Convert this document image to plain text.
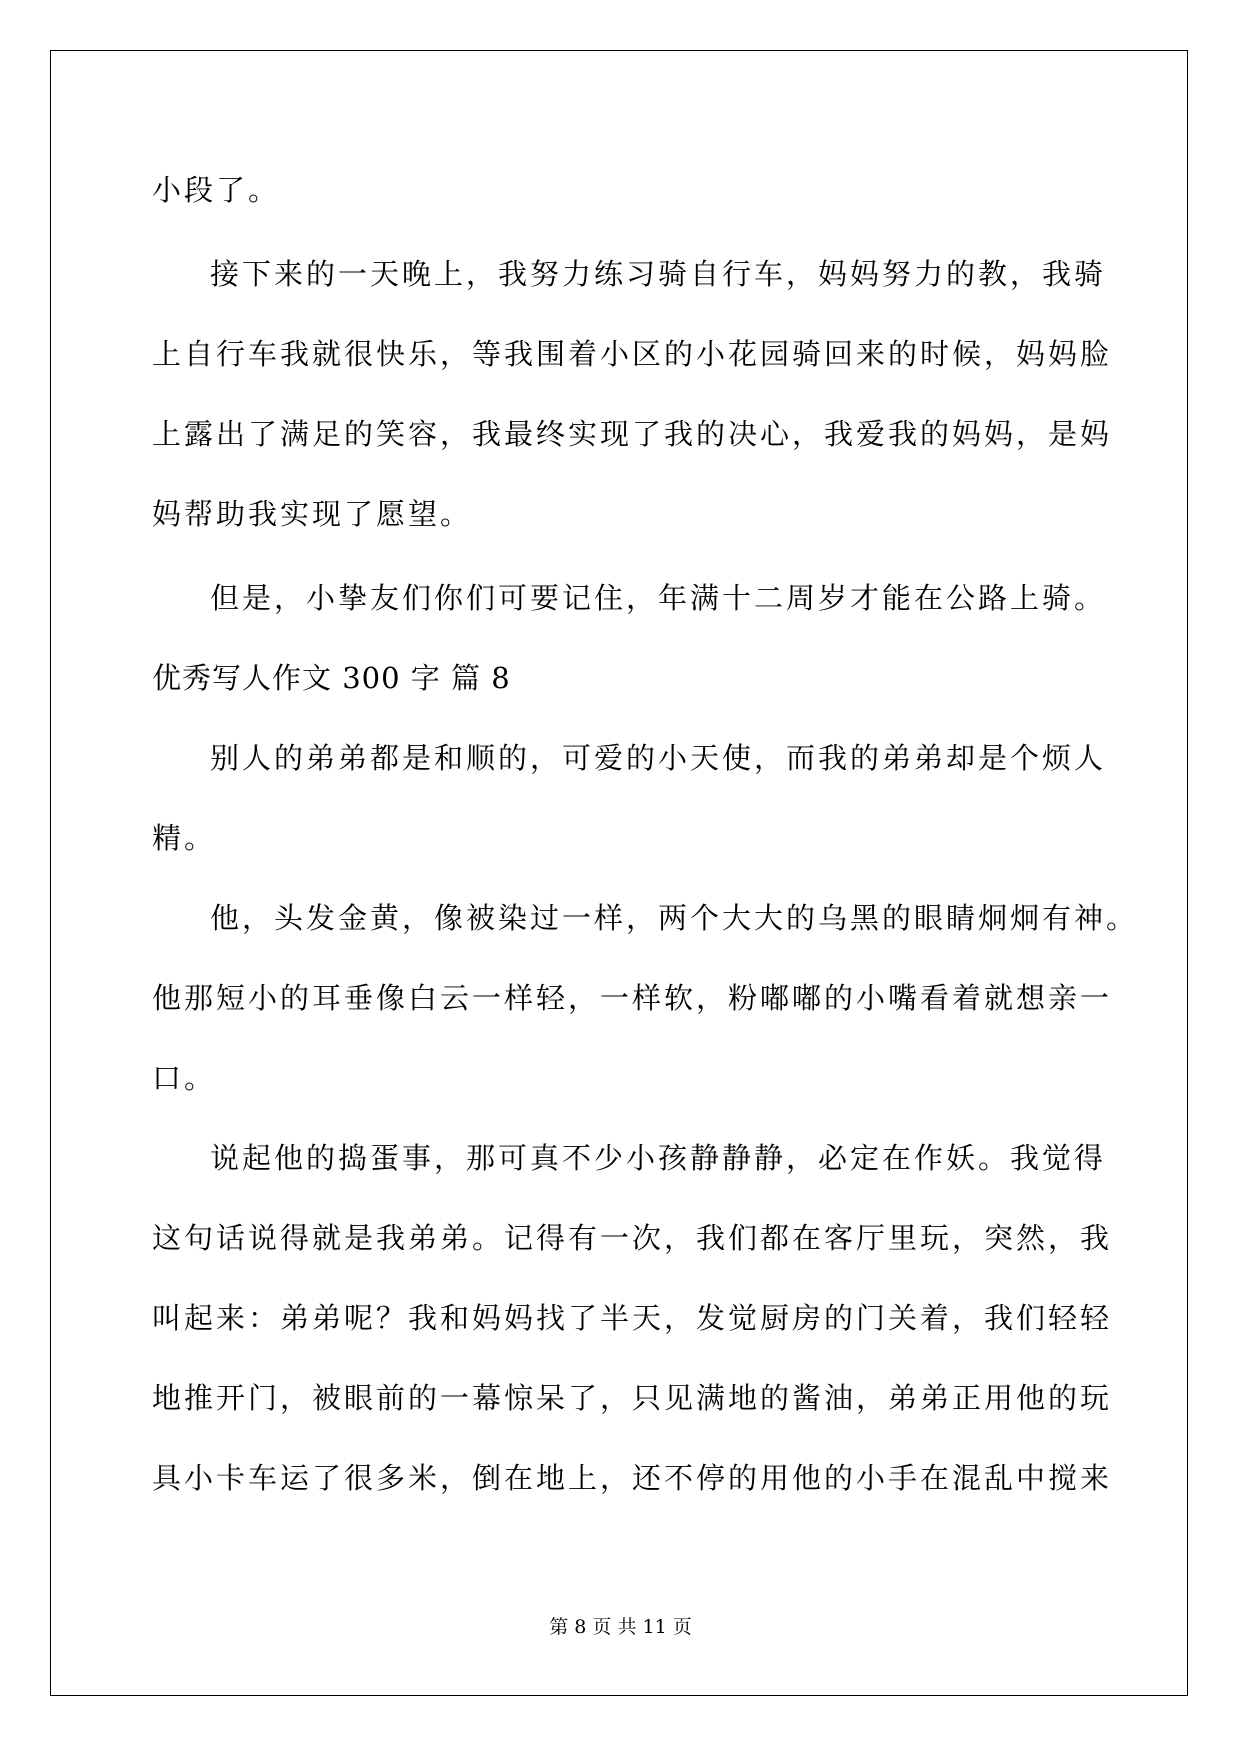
小段了。
接下来的一天晚上，我努力练习骑自行车，妈妈努力的教，我骑
上自行车我就很快乐，等我围着小区的小花园骑回来的时候，妈妈脸
上露出了满足的笑容，我最终实现了我的决心，我爱我的妈妈，是妈
妈帮助我实现了愿望。
但是，小挚友们你们可要记住，年满十二周岁才能在公路上骑。
优秀写人作文 300 字 篇 8
别人的弟弟都是和顺的，可爱的小天使，而我的弟弟却是个烦人
精。
他，头发金黄，像被染过一样，两个大大的乌黑的眼睛炯炯有神。
他那短小的耳垂像白云一样轻，一样软，粉嘟嘟的小嘴看着就想亲一
口。
说起他的捣蛋事，那可真不少小孩静静静，必定在作妖。我觉得
这句话说得就是我弟弟。记得有一次，我们都在客厅里玩，突然，我
叫起来：弟弟呢？我和妈妈找了半天，发觉厨房的门关着，我们轻轻
地推开门，被眼前的一幕惊呆了，只见满地的酱油，弟弟正用他的玩
具小卡车运了很多米，倒在地上，还不停的用他的小手在混乱中搅来
第 8 页 共 11 页
